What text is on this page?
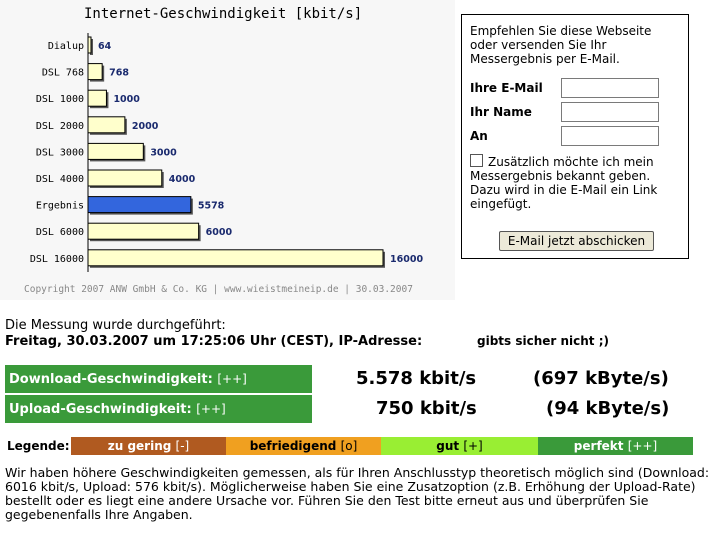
Internet-Geschwindigkeit [kbit/s]
Dialup 64
DSL 768	768
DSL 1000	1000
DSL 2000	2000
DSL 3000	3000
DSL 4000	4000
Ergebnis	5578
DSL 6000	6000
DSL 16000	16000
Copyright 2007 ANW GmbH & Co. KG | www.wieistmeineip.de | 30.03.2007
Empfehlen Sie diese Webseite oder versenden Sie Ihr Messergebnis per E-Mail.
Ihre E-Mail
Ihr Name
An
Zusätzlich möchte ich mein Messergebnis bekannt geben. Dazu wird in die E-Mail ein Link eingefügt.
E-Mail jetzt abschicken
Die Messung wurde durchgeführt:
Freitag, 30.03.2007 um 17:25:06 Uhr (CEST), IP-Adresse:	gibts sicher nicht ;)
Download-Geschwindigkeit: [++]	5.578 kbit/s	(697 kByte/s)
Upload-Geschwindigkeit: [++]	750 kbit/s	(94 kByte/s)
Legende:	zu gering [-]	befriedigend [o]	gut [+]	perfekt [++]

Wir haben höhere Geschwindigkeiten gemessen, als für Ihren Anschlusstyp theoretisch möglich sind (Download: 6016 kbit/s, Upload: 576 kbit/s). Möglicherweise haben Sie eine Zusatzoption (z.B. Erhöhung der Upload-Rate) bestellt oder es liegt eine andere Ursache vor. Führen Sie den Test bitte erneut aus und überprüfen Sie gegebenenfalls Ihre Angaben.
